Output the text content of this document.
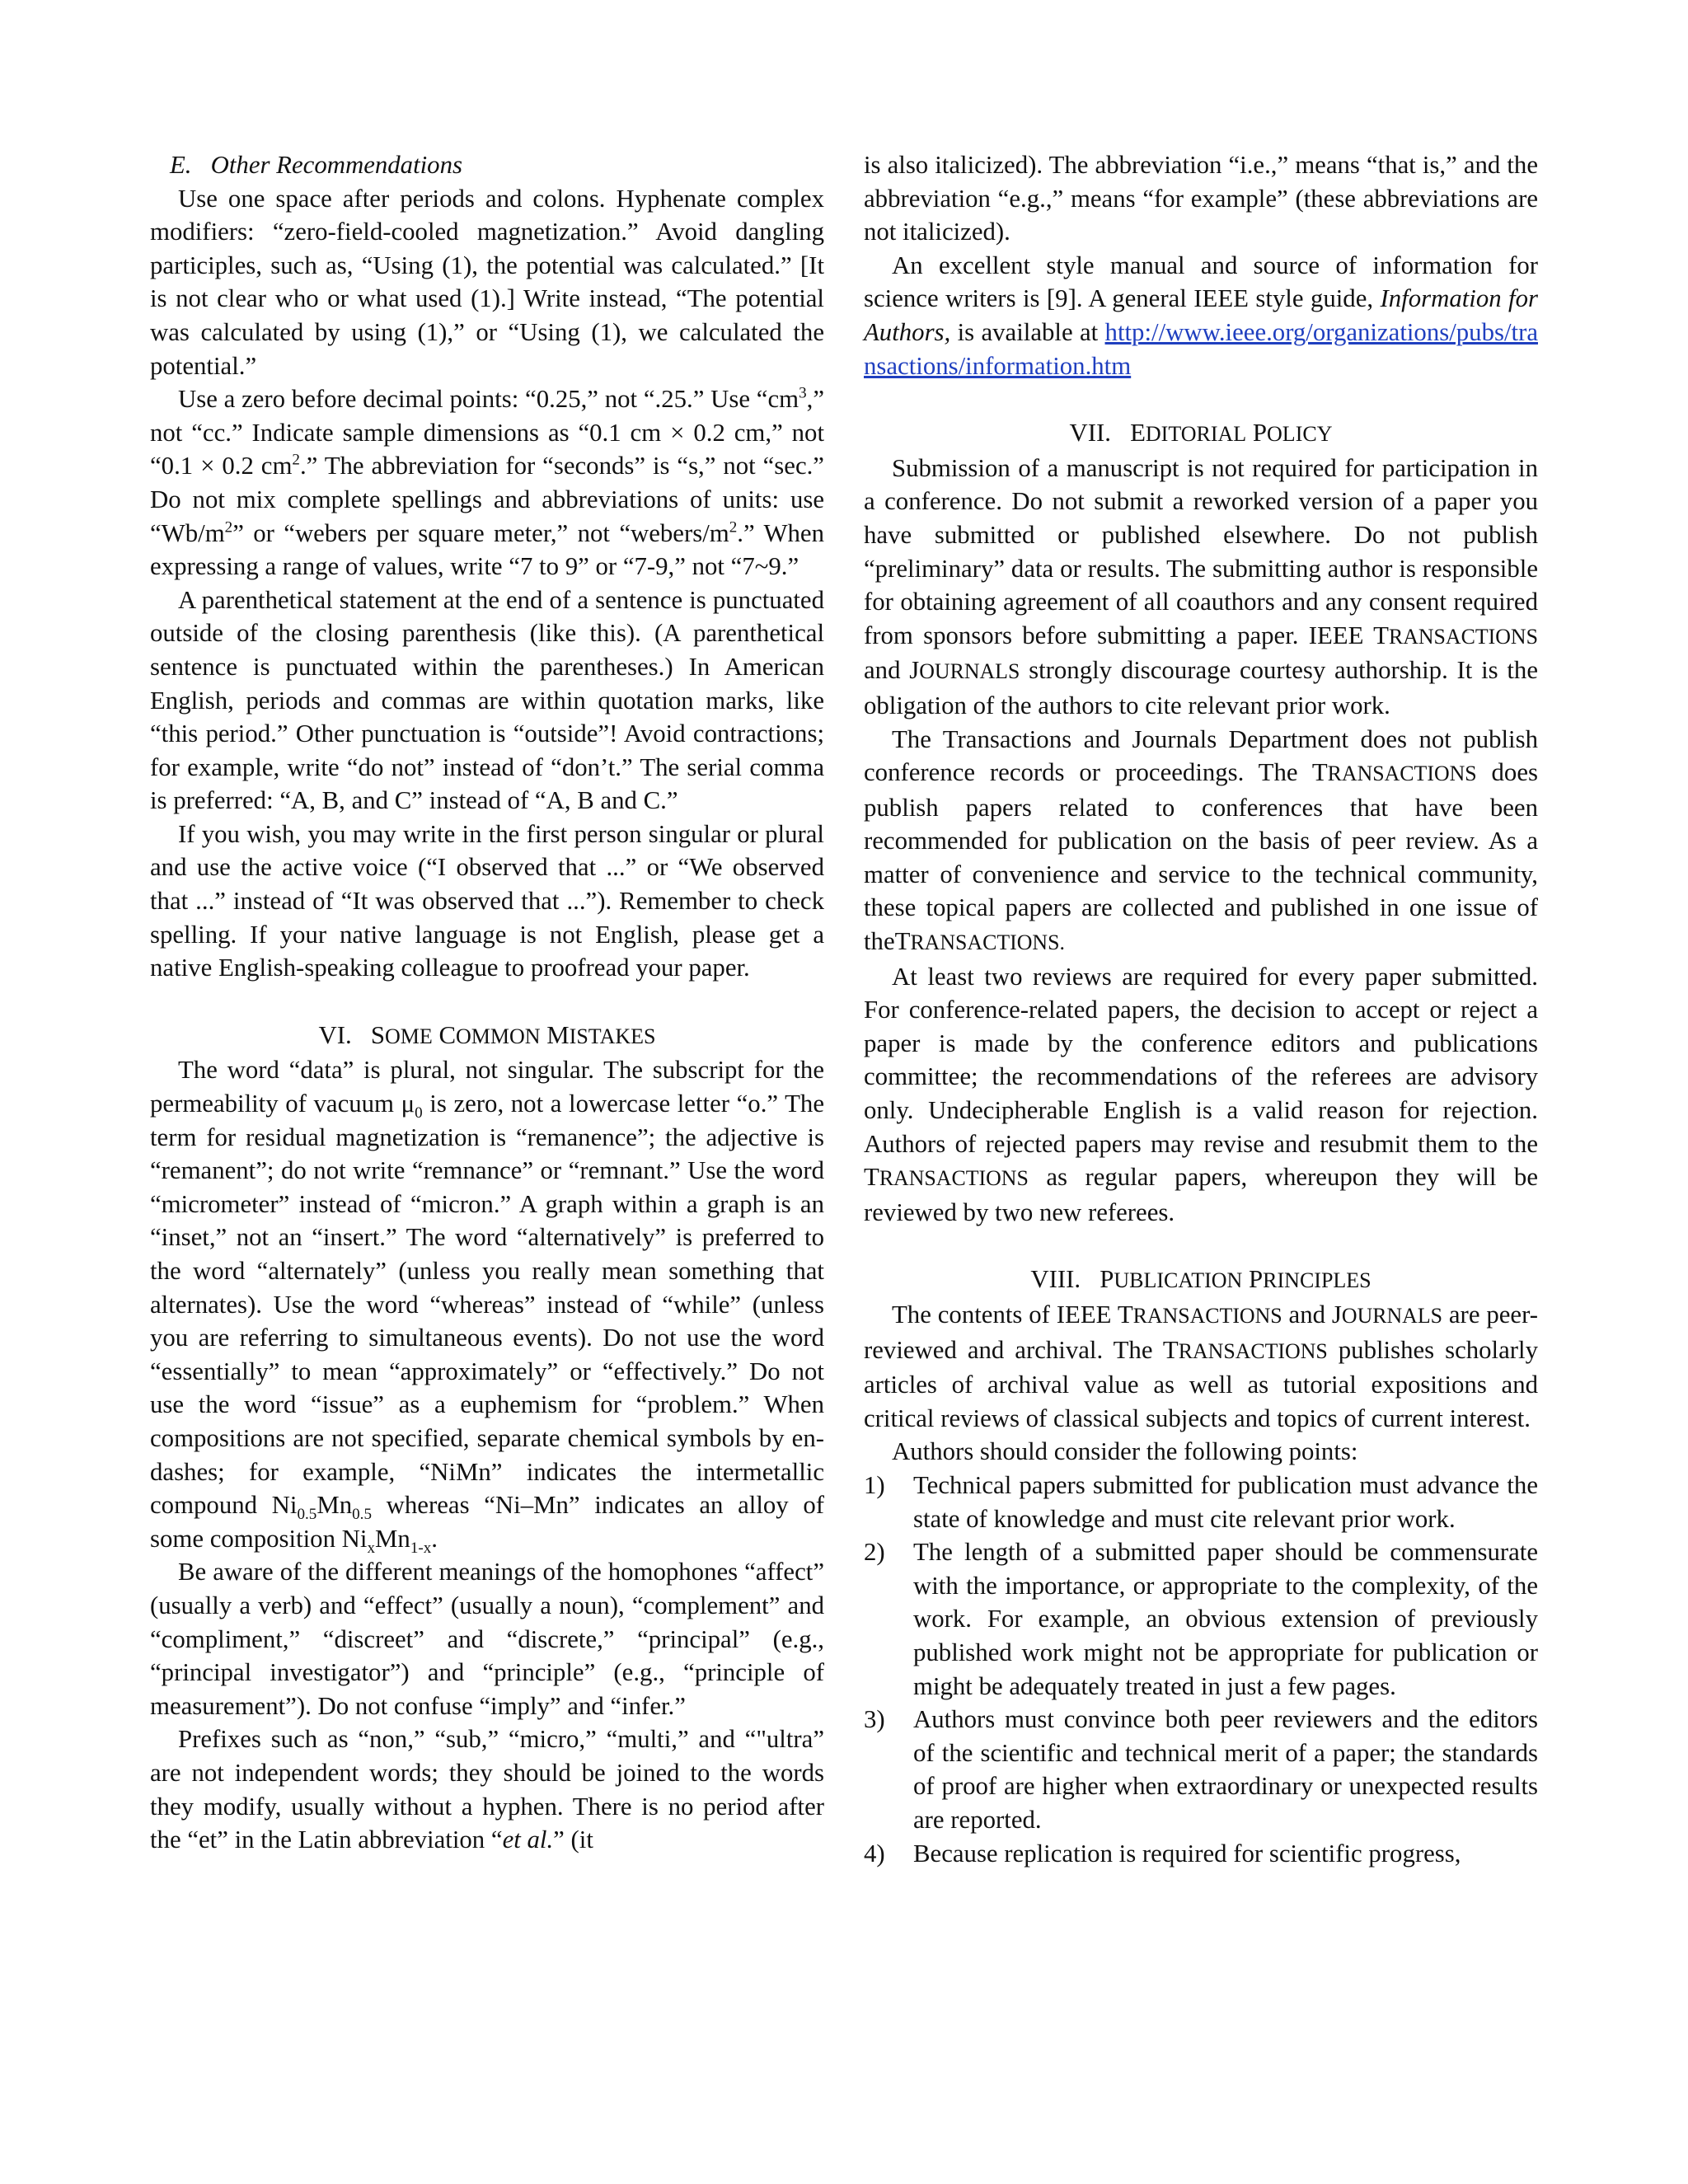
E. Other Recommendations

Use one space after periods and colons. Hyphenate complex modifiers: “zero-field-cooled magnetization.” Avoid dangling participles, such as, “Using (1), the potential was calculated.” [It is not clear who or what used (1).] Write instead, “The potential was calculated by using (1),” or “Using (1), we calculated the potential.”

Use a zero before decimal points: “0.25,” not “.25.” Use “$cm^3$,” not “cc.” Indicate sample dimensions as “0.1 cm × 0.2 cm,” not “0.1 × 0.2 $cm^2$.” The abbreviation for “seconds” is “s,” not “sec.” Do not mix complete spellings and abbreviations of units: use “$Wb/m^2$” or “webers per square meter,” not “$webers/m^2$.” When expressing a range of values, write “7 to 9” or “7-9,” not “7~9.”

A parenthetical statement at the end of a sentence is punctuated outside of the closing parenthesis (like this). (A parenthetical sentence is punctuated within the parentheses.) In American English, periods and commas are within quotation marks, like “this period.” Other punctuation is “outside”! Avoid contractions; for example, write “do not” instead of “don’t.” The serial comma is preferred: “A, B, and C” instead of “A, B and C.”

If you wish, you may write in the first person singular or plural and use the active voice (“I observed that ...” or “We observed that ...” instead of “It was observed that ...”). Remember to check spelling. If your native language is not English, please get a native English-speaking colleague to proofread your paper.

VI. SOME COMMON MISTAKES

The word “data” is plural, not singular. The subscript for the permeability of vacuum $\mu_0$ is zero, not a lowercase letter “o.” The term for residual magnetization is “remanence”; the adjective is “remanent”; do not write “remnance” or “remnant.” Use the word “micrometer” instead of “micron.” A graph within a graph is an “inset,” not an “insert.” The word “alternatively” is preferred to the word “alternately” (unless you really mean something that alternates). Use the word “whereas” instead of “while” (unless you are referring to simultaneous events). Do not use the word “essentially” to mean “approximately” or “effectively.” Do not use the word “issue” as a euphemism for “problem.” When compositions are not specified, separate chemical symbols by en-dashes; for example, “NiMn” indicates the intermetallic compound $Ni_{0.5}Mn_{0.5}$ whereas “Ni–Mn” indicates an alloy of some composition $Ni_xMn_{1-x}$.

Be aware of the different meanings of the homophones “affect” (usually a verb) and “effect” (usually a noun), “complement” and “compliment,” “discreet” and “discrete,” “principal” (e.g., “principal investigator”) and “principle” (e.g., “principle of measurement”). Do not confuse “imply” and “infer.”

Prefixes such as “non,” “sub,” “micro,” “multi,” and “"ultra” are not independent words; they should be joined to the words they modify, usually without a hyphen. There is no period after the “et” in the Latin abbreviation “et al.” (it

is also italicized). The abbreviation “i.e.,” means “that is,” and the abbreviation “e.g.,” means “for example” (these abbreviations are not italicized).

An excellent style manual and source of information for science writers is [9]. A general IEEE style guide, Information for Authors, is available at http://www.ieee.org/organizations/pubs/transactions/information.htm

VII. EDITORIAL POLICY

Submission of a manuscript is not required for participation in a conference. Do not submit a reworked version of a paper you have submitted or published elsewhere. Do not publish “preliminary” data or results. The submitting author is responsible for obtaining agreement of all coauthors and any consent required from sponsors before submitting a paper. IEEE TRANSACTIONS and JOURNALS strongly discourage courtesy authorship. It is the obligation of the authors to cite relevant prior work.

The Transactions and Journals Department does not publish conference records or proceedings. The TRANSACTIONS does publish papers related to conferences that have been recommended for publication on the basis of peer review. As a matter of convenience and service to the technical community, these topical papers are collected and published in one issue of theTRANSACTIONS.

At least two reviews are required for every paper submitted. For conference-related papers, the decision to accept or reject a paper is made by the conference editors and publications committee; the recommendations of the referees are advisory only. Undecipherable English is a valid reason for rejection. Authors of rejected papers may revise and resubmit them to the TRANSACTIONS as regular papers, whereupon they will be reviewed by two new referees.

VIII. PUBLICATION PRINCIPLES

The contents of IEEE TRANSACTIONS and JOURNALS are peer-reviewed and archival. The TRANSACTIONS publishes scholarly articles of archival value as well as tutorial expositions and critical reviews of classical subjects and topics of current interest.

Authors should consider the following points:

1)	Technical papers submitted for publication must advance the state of knowledge and must cite relevant prior work.
2)	The length of a submitted paper should be commensurate with the importance, or appropriate to the complexity, of the work. For example, an obvious extension of previously published work might not be appropriate for publication or might be adequately treated in just a few pages.
3)	Authors must convince both peer reviewers and the editors of the scientific and technical merit of a paper; the standards of proof are higher when extraordinary or unexpected results are reported.
4)	Because replication is required for scientific progress,
